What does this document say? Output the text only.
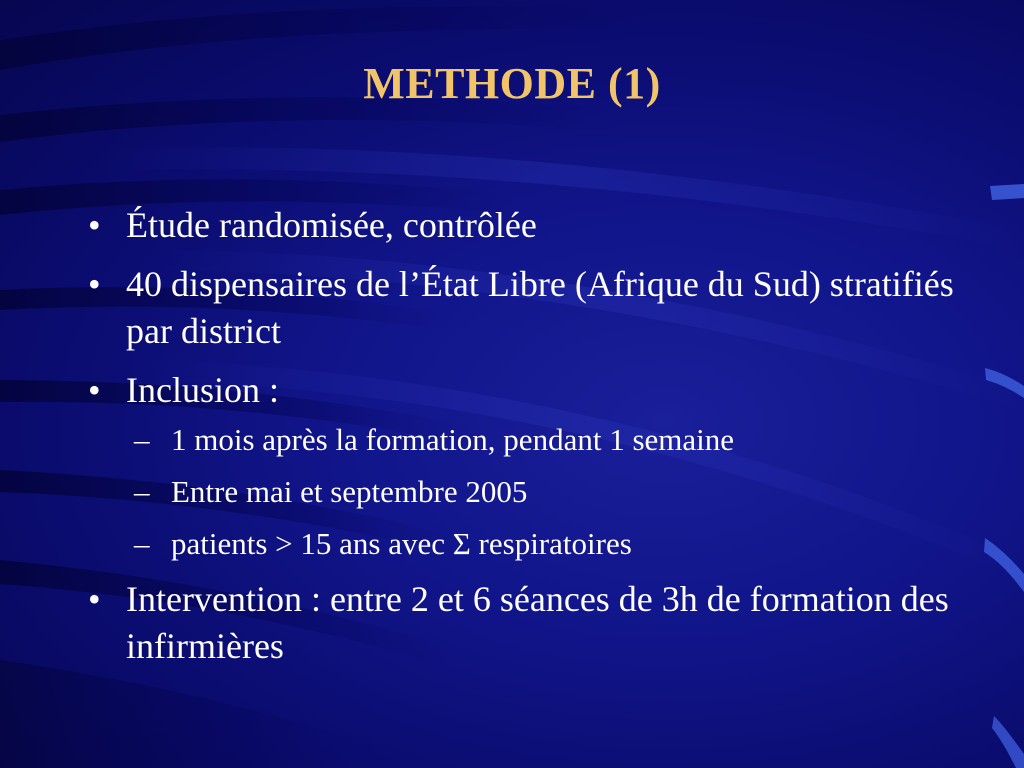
METHODE (1)
• Étude randomisée, contrôlée
• 40 dispensaires de l’État Libre (Afrique du Sud) stratifiés par district
• Inclusion :
– 1 mois après la formation, pendant 1 semaine
– Entre mai et septembre 2005
– patients > 15 ans avec Σ respiratoires
• Intervention : entre 2 et 6 séances de 3h de formation des infirmières
